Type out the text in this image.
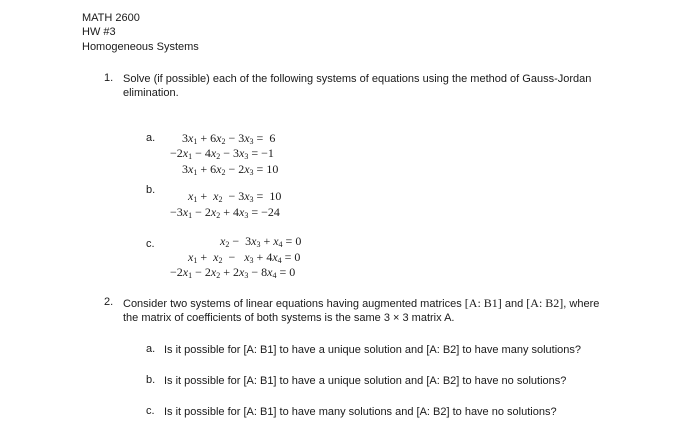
MATH 2600
HW #3
Homogeneous Systems
1. Solve (if possible) each of the following systems of equations using the method of Gauss-Jordan
elimination.
a.	$3x_1 + 6x_2 - 3x_3 = 6$

$-2x_1 - 4x_2 - 3x_3 = -1$

$3x_1 + 6x_2 - 2x_3 = 10$
b.	$x_1 + x_2 - 3x_3 = 10$

$-3x_1 - 2x_2 + 4x_3 = -24$
c.	$x_2 - 3x_3 + x_4 = 0$

$x_1 + x_2 - x_3 + 4x_4 = 0$

$-2x_1 - 2x_2 + 2x_3 - 8x_4 = 0$
2. Consider two systems of linear equations having augmented matrices [A: B1] and [A: B2], where
the matrix of coefficients of both systems is the same 3 × 3 matrix A.
a. Is it possible for [A: B1] to have a unique solution and [A: B2] to have many solutions?
b. Is it possible for [A: B1] to have a unique solution and [A: B2] to have no solutions?
c. Is it possible for [A: B1] to have many solutions and [A: B2] to have no solutions?
